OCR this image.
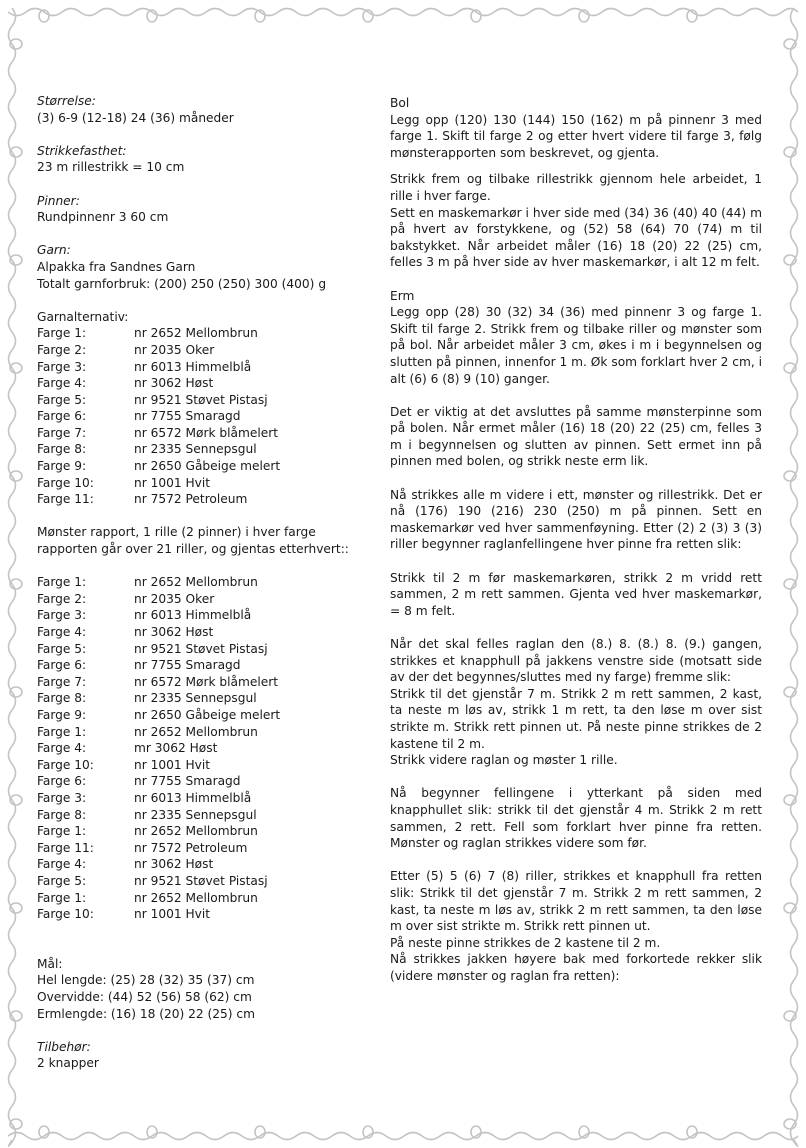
Størrelse:
(3) 6-9 (12-18) 24 (36) måneder
Strikkefasthet:
23 m rillestrikk = 10 cm
Pinner:
Rundpinnenr 3 60 cm
Garn:
Alpakka fra Sandnes Garn
Totalt garnforbruk: (200) 250 (250) 300 (400) g
Garnalternativ:
Farge 1:	nr 2652 Mellombrun
Farge 2:	nr 2035 Oker
Farge 3:	nr 6013 Himmelblå
Farge 4:	nr 3062 Høst
Farge 5:	nr 9521 Støvet Pistasj
Farge 6:	nr 7755 Smaragd
Farge 7:	nr 6572 Mørk blåmelert
Farge 8:	nr 2335 Sennepsgul
Farge 9:	nr 2650 Gåbeige melert
Farge 10:	nr 1001 Hvit
Farge 11:	nr 7572 Petroleum
Mønster rapport, 1 rille (2 pinner) i hver farge
rapporten går over 21 riller, og gjentas etterhvert::
Farge 1:	nr 2652 Mellombrun
Farge 2:	nr 2035 Oker
Farge 3:	nr 6013 Himmelblå
Farge 4:	nr 3062 Høst
Farge 5:	nr 9521 Støvet Pistasj
Farge 6:	nr 7755 Smaragd
Farge 7:	nr 6572 Mørk blåmelert
Farge 8:	nr 2335 Sennepsgul
Farge 9:	nr 2650 Gåbeige melert
Farge 1:	nr 2652 Mellombrun
Farge 4:	mr 3062 Høst
Farge 10:	nr 1001 Hvit
Farge 6:	nr 7755 Smaragd
Farge 3:	nr 6013 Himmelblå
Farge 8:	nr 2335 Sennepsgul
Farge 1:	nr 2652 Mellombrun
Farge 11:	nr 7572 Petroleum
Farge 4:	nr 3062 Høst
Farge 5:	nr 9521 Støvet Pistasj
Farge 1:	nr 2652 Mellombrun
Farge 10:	nr 1001 Hvit
Mål:
Hel lengde: (25) 28 (32) 35 (37) cm
Overvidde: (44) 52 (56) 58 (62) cm
Ermlengde: (16) 18 (20) 22 (25) cm
Tilbehør:
2 knapper

Bol

Legg opp (120) 130 (144) 150 (162) m på pinnenr 3 med farge 1. Skift til farge 2 og etter hvert videre til farge 3, følg mønsterapporten som beskrevet, og gjenta.

Strikk frem og tilbake rillestrikk gjennom hele arbeidet, 1 rille i hver farge.

Sett en maskemarkør i hver side med (34) 36 (40) 40 (44) m på hvert av forstykkene, og (52) 58 (64) 70 (74) m til bakstykket. Når arbeidet måler (16) 18 (20) 22 (25) cm, felles 3 m på hver side av hver maskemarkør, i alt 12 m felt.

Erm

Legg opp (28) 30 (32) 34 (36) med pinnenr 3 og farge 1. Skift til farge 2. Strikk frem og tilbake riller og mønster som på bol. Når arbeidet måler 3 cm, økes i m i begynnelsen og slutten på pinnen, innenfor 1 m. Øk som forklart hver 2 cm, i alt (6) 6 (8) 9 (10) ganger.

Det er viktig at det avsluttes på samme mønsterpinne som på bolen. Når ermet måler (16) 18 (20) 22 (25) cm, felles 3 m i begynnelsen og slutten av pinnen. Sett ermet inn på pinnen med bolen, og strikk neste erm lik.

Nå strikkes alle m videre i ett, mønster og rillestrikk. Det er nå (176) 190 (216) 230 (250) m på pinnen. Sett en maskemarkør ved hver sammenføyning. Etter (2) 2 (3) 3 (3) riller begynner raglanfellingene hver pinne fra retten slik:

Strikk til 2 m før maskemarkøren, strikk 2 m vridd rett sammen, 2 m rett sammen. Gjenta ved hver maskemarkør, = 8 m felt.

Når det skal felles raglan den (8.) 8. (8.) 8. (9.) gangen, strikkes et knapphull på jakkens venstre side (motsatt side av der det begynnes/sluttes med ny farge) fremme slik:

Strikk til det gjenstår 7 m. Strikk 2 m rett sammen, 2 kast, ta neste m løs av, strikk 1 m rett, ta den løse m over sist strikte m. Strikk rett pinnen ut. På neste pinne strikkes de 2 kastene til 2 m.

Strikk videre raglan og møster 1 rille.

Nå begynner fellingene i ytterkant på siden med knapphullet slik: strikk til det gjenstår 4 m. Strikk 2 m rett sammen, 2 rett. Fell som forklart hver pinne fra retten. Mønster og raglan strikkes videre som før.

Etter (5) 5 (6) 7 (8) riller, strikkes et knapphull fra retten slik: Strikk til det gjenstår 7 m. Strikk 2 m rett sammen, 2 kast, ta neste m løs av, strikk 2 m rett sammen, ta den løse m over sist strikte m. Strikk rett pinnen ut.

På neste pinne strikkes de 2 kastene til 2 m.

Nå strikkes jakken høyere bak med forkortede rekker slik (videre mønster og raglan fra retten):
